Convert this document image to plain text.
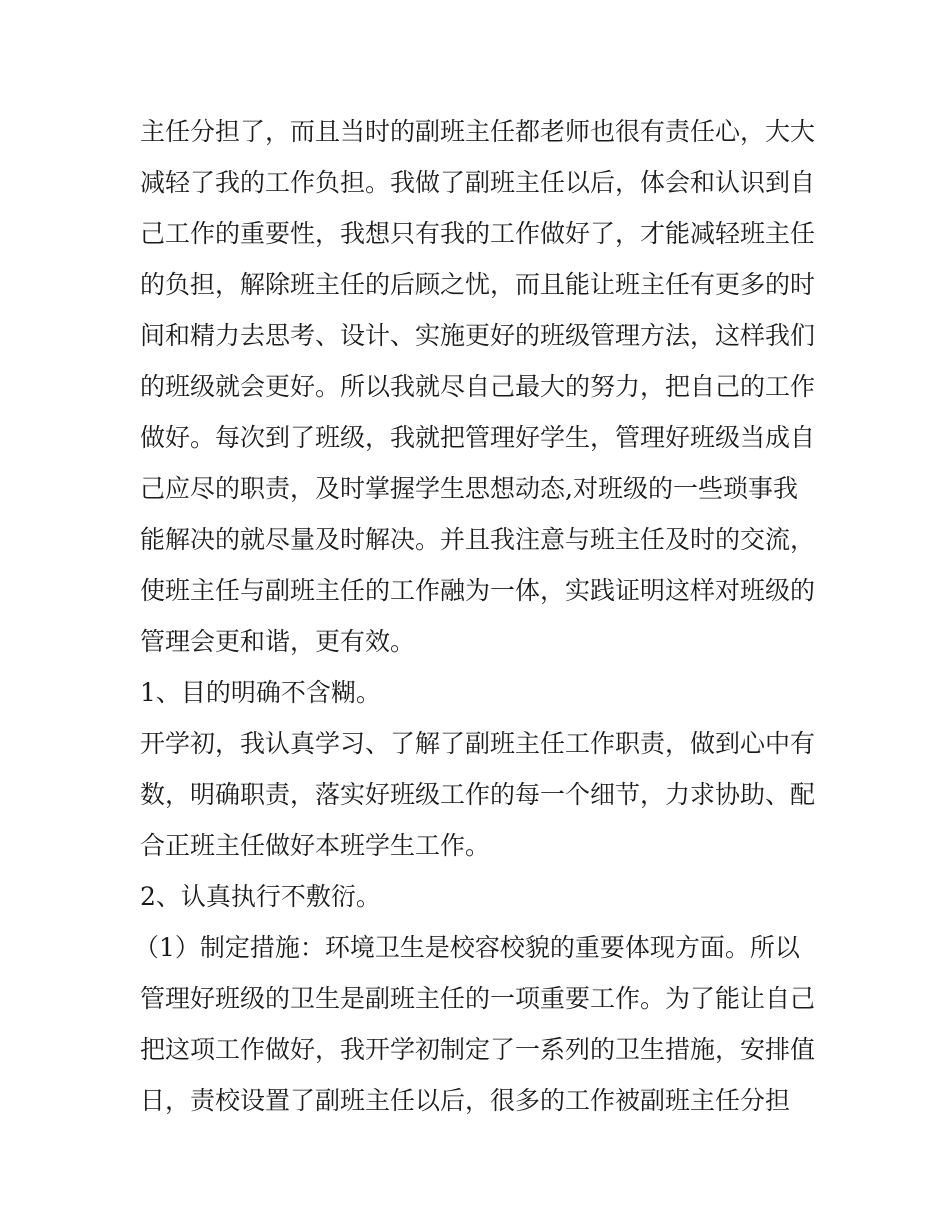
主任分担了，而且当时的副班主任都老师也很有责任心，大大

减轻了我的工作负担。我做了副班主任以后，体会和认识到自

己工作的重要性，我想只有我的工作做好了，才能减轻班主任

的负担，解除班主任的后顾之忧，而且能让班主任有更多的时

间和精力去思考、设计、实施更好的班级管理方法，这样我们

的班级就会更好。所以我就尽自己最大的努力，把自己的工作

做好。每次到了班级，我就把管理好学生，管理好班级当成自

己应尽的职责，及时掌握学生思想动态,对班级的一些琐事我

能解决的就尽量及时解决。并且我注意与班主任及时的交流，

使班主任与副班主任的工作融为一体，实践证明这样对班级的

管理会更和谐，更有效。

1、目的明确不含糊。

开学初，我认真学习、了解了副班主任工作职责，做到心中有

数，明确职责，落实好班级工作的每一个细节，力求协助、配

合正班主任做好本班学生工作。

2、认真执行不敷衍。

（1）制定措施：环境卫生是校容校貌的重要体现方面。所以

管理好班级的卫生是副班主任的一项重要工作。为了能让自己

把这项工作做好，我开学初制定了一系列的卫生措施，安排值

日，责校设置了副班主任以后，很多的工作被副班主任分担
